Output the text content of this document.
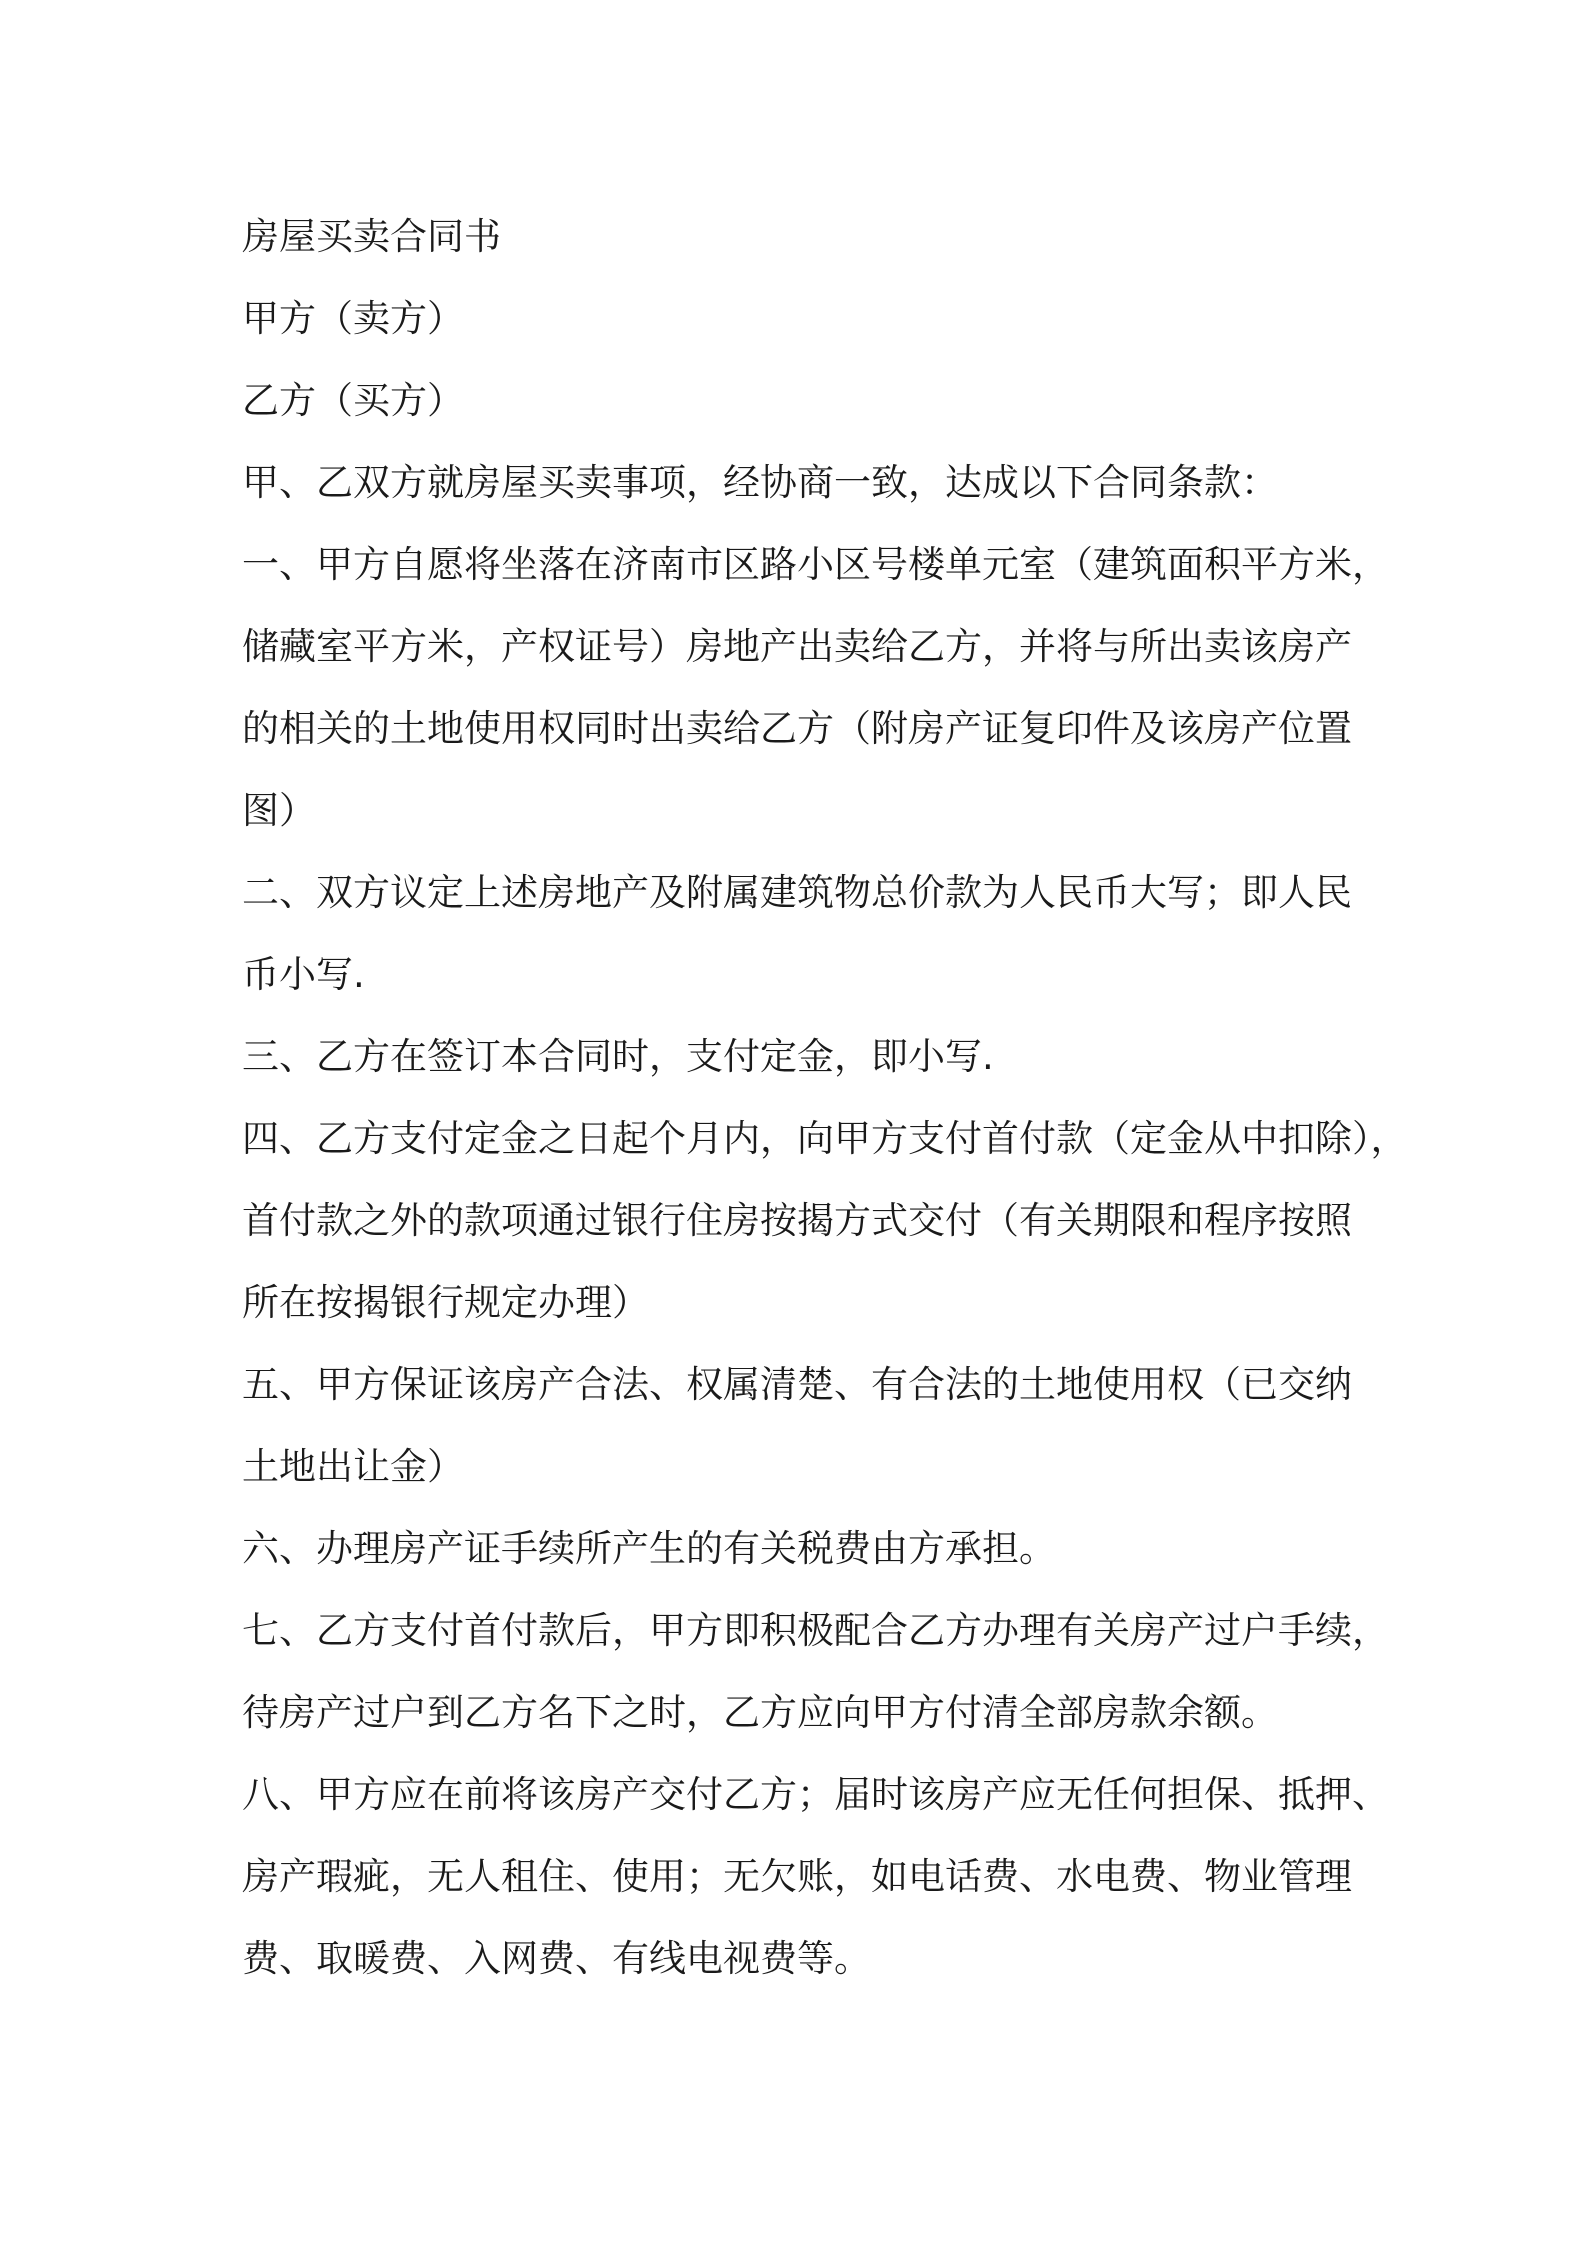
房屋买卖合同书
甲方（卖方）
乙方（买方）
甲、乙双方就房屋买卖事项，经协商一致，达成以下合同条款：
一、甲方自愿将坐落在济南市区路小区号楼单元室（建筑面积平方米，
储藏室平方米，产权证号）房地产出卖给乙方，并将与所出卖该房产
的相关的土地使用权同时出卖给乙方（附房产证复印件及该房产位置
图）
二、双方议定上述房地产及附属建筑物总价款为人民币大写；即人民
币小写.
三、乙方在签订本合同时，支付定金，即小写.
四、乙方支付定金之日起个月内，向甲方支付首付款（定金从中扣除），
首付款之外的款项通过银行住房按揭方式交付（有关期限和程序按照
所在按揭银行规定办理）
五、甲方保证该房产合法、权属清楚、有合法的土地使用权（已交纳
土地出让金）
六、办理房产证手续所产生的有关税费由方承担。
七、乙方支付首付款后，甲方即积极配合乙方办理有关房产过户手续，
待房产过户到乙方名下之时，乙方应向甲方付清全部房款余额。
八、甲方应在前将该房产交付乙方；届时该房产应无任何担保、抵押、
房产瑕疵，无人租住、使用；无欠账，如电话费、水电费、物业管理
费、取暖费、入网费、有线电视费等。
